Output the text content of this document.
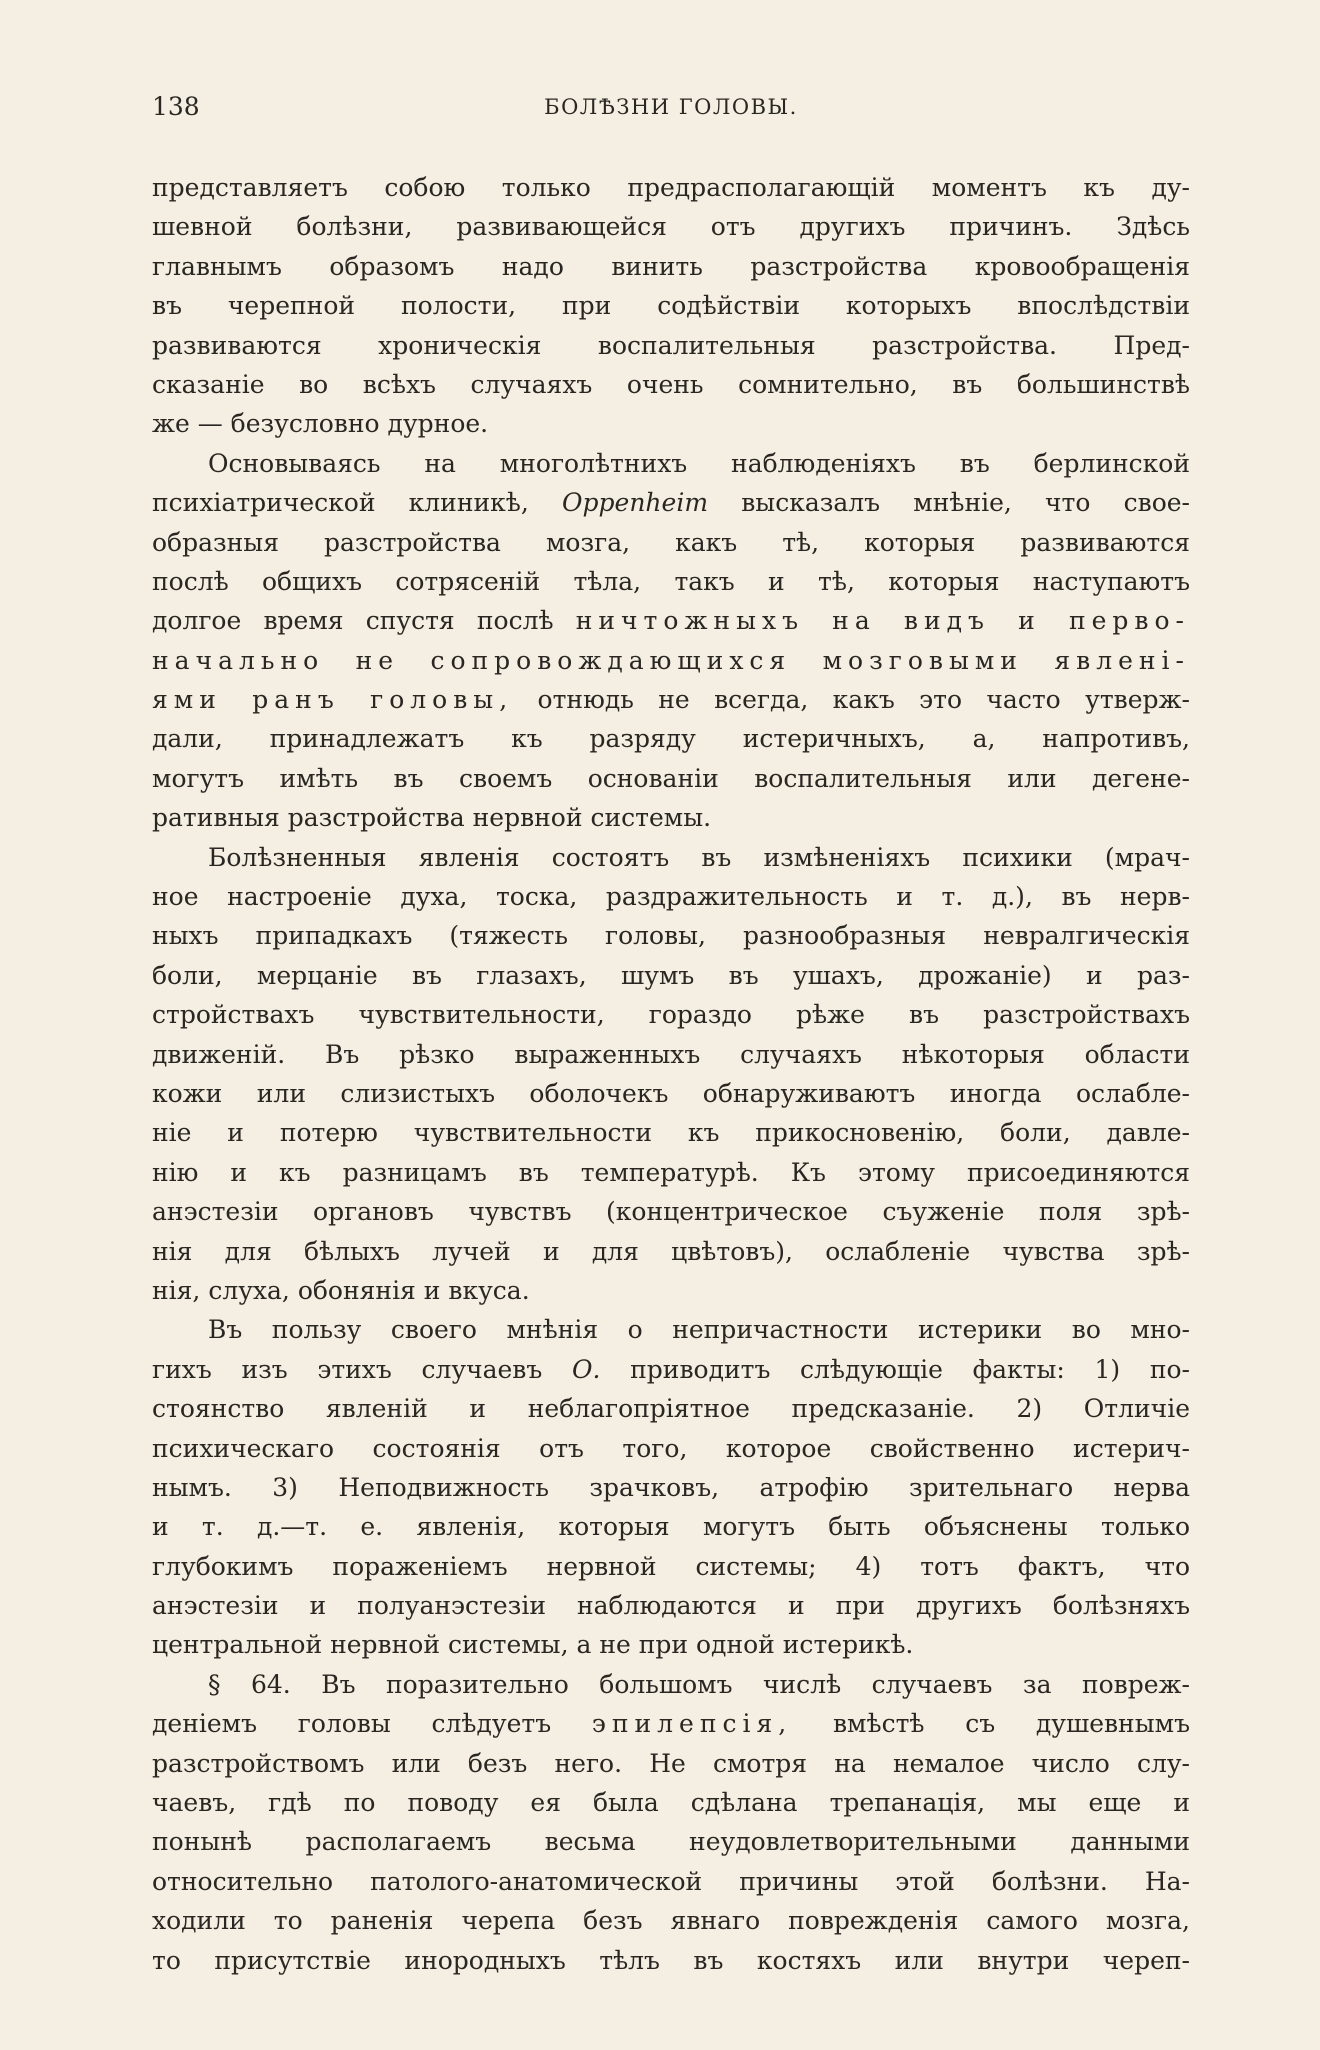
138	БОЛѢЗНИ ГОЛОВЫ.
представляетъ собою только предрасполагающій моментъ къ ду-
шевной болѣзни, развивающейся отъ другихъ причинъ. Здѣсь
главнымъ образомъ надо винить разстройства кровообращенія
въ черепной полости, при содѣйствіи которыхъ впослѣдствіи
развиваются хроническія воспалительныя разстройства. Пред-
сказаніе во всѣхъ случаяхъ очень сомнительно, въ большинствѣ
же — безусловно дурное.
Основываясь на многолѣтнихъ наблюденіяхъ въ берлинской
психіатрической клиникѣ, Oppenheim высказалъ мнѣніе, что свое-
образныя разстройства мозга, какъ тѣ, которыя развиваются
послѣ общихъ сотрясеній тѣла, такъ и тѣ, которыя наступаютъ
долгое время спустя послѣ ничтожныхъ на видъ и перво-
начально не сопровождающихся мозговыми явлені-
ями ранъ головы, отнюдь не всегда, какъ это часто утверж-
дали, принадлежатъ къ разряду истеричныхъ, а, напротивъ,
могутъ имѣть въ своемъ основаніи воспалительныя или дегене-
ративныя разстройства нервной системы.
Болѣзненныя явленія состоятъ въ измѣненіяхъ психики (мрач-
ное настроеніе духа, тоска, раздражительность и т. д.), въ нерв-
ныхъ припадкахъ (тяжесть головы, разнообразныя невралгическія
боли, мерцаніе въ глазахъ, шумъ въ ушахъ, дрожаніе) и раз-
стройствахъ чувствительности, гораздо рѣже въ разстройствахъ
движеній. Въ рѣзко выраженныхъ случаяхъ нѣкоторыя области
кожи или слизистыхъ оболочекъ обнаруживаютъ иногда ослабле-
ніе и потерю чувствительности къ прикосновенію, боли, давле-
нію и къ разницамъ въ температурѣ. Къ этому присоединяются
анэстезіи органовъ чувствъ (концентрическое съуженіе поля зрѣ-
нія для бѣлыхъ лучей и для цвѣтовъ), ослабленіе чувства зрѣ-
нія, слуха, обонянія и вкуса.
Въ пользу своего мнѣнія о непричастности истерики во мно-
гихъ изъ этихъ случаевъ О. приводитъ слѣдующіе факты: 1) по-
стоянство явленій и неблагопріятное предсказаніе. 2) Отличіе
психическаго состоянія отъ того, которое свойственно истерич-
нымъ. 3) Неподвижность зрачковъ, атрофію зрительнаго нерва
и т. д.—т. е. явленія, которыя могутъ быть объяснены только
глубокимъ пораженіемъ нервной системы; 4) тотъ фактъ, что
анэстезіи и полуанэстезіи наблюдаются и при другихъ болѣзняхъ
центральной нервной системы, а не при одной истерикѣ.
§ 64. Въ поразительно большомъ числѣ случаевъ за повреж-
деніемъ головы слѣдуетъ эпилепсія, вмѣстѣ съ душевнымъ
разстройствомъ или безъ него. Не смотря на немалое число слу-
чаевъ, гдѣ по поводу ея была сдѣлана трепанація, мы еще и
понынѣ располагаемъ весьма неудовлетворительными данными
относительно патолого-анатомической причины этой болѣзни. На-
ходили то раненія черепа безъ явнаго поврежденія самого мозга,
то присутствіе инородныхъ тѣлъ въ костяхъ или внутри череп-
